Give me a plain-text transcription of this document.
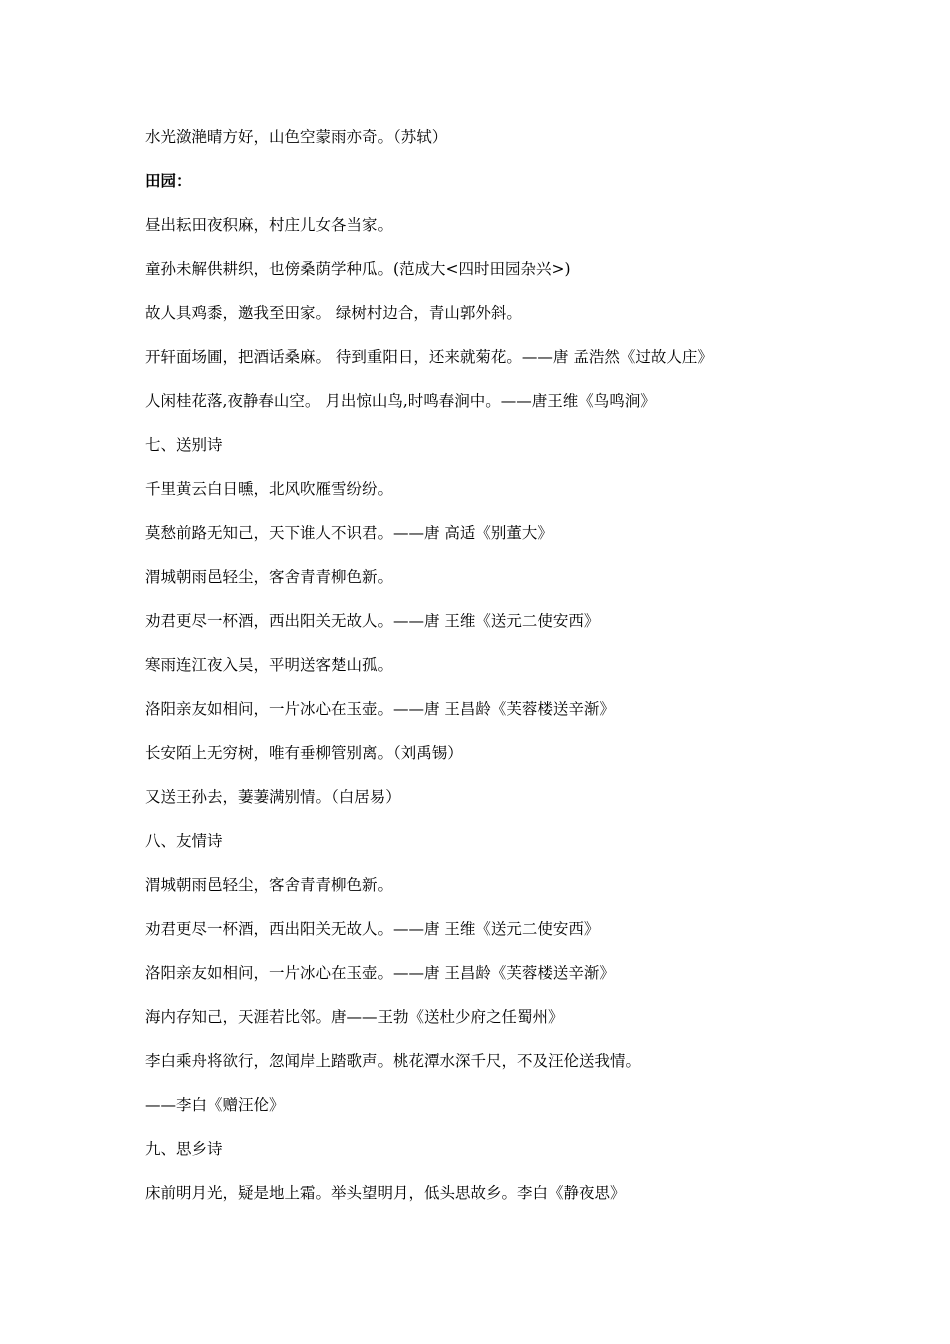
水光潋滟晴方好，山色空蒙雨亦奇。（苏轼）
田园：
昼出耘田夜积麻，村庄儿女各当家。
童孙未解供耕织，也傍桑荫学种瓜。(范成大<四时田园杂兴>)
故人具鸡黍，邀我至田家。 绿树村边合，青山郭外斜。
开轩面场圃，把酒话桑麻。 待到重阳日，还来就菊花。——唐 孟浩然《过故人庄》
人闲桂花落,夜静春山空。 月出惊山鸟,时鸣春涧中。——唐王维《鸟鸣涧》
七、送别诗
千里黄云白日曛，北风吹雁雪纷纷。
莫愁前路无知己，天下谁人不识君。——唐 高适《别董大》
渭城朝雨邑轻尘，客舍青青柳色新。
劝君更尽一杯酒，西出阳关无故人。——唐 王维《送元二使安西》
寒雨连江夜入吴，平明送客楚山孤。
洛阳亲友如相问，一片冰心在玉壶。——唐 王昌龄《芙蓉楼送辛渐》
长安陌上无穷树，唯有垂柳管别离。（刘禹锡）
又送王孙去，萋萋满别情。（白居易）
八、友情诗
渭城朝雨邑轻尘，客舍青青柳色新。
劝君更尽一杯酒，西出阳关无故人。——唐 王维《送元二使安西》
洛阳亲友如相问，一片冰心在玉壶。——唐 王昌龄《芙蓉楼送辛渐》
海内存知己，天涯若比邻。唐——王勃《送杜少府之任蜀州》
李白乘舟将欲行，忽闻岸上踏歌声。桃花潭水深千尺，不及汪伦送我情。
——李白《赠汪伦》
九、思乡诗
床前明月光，疑是地上霜。举头望明月，低头思故乡。李白《静夜思》
